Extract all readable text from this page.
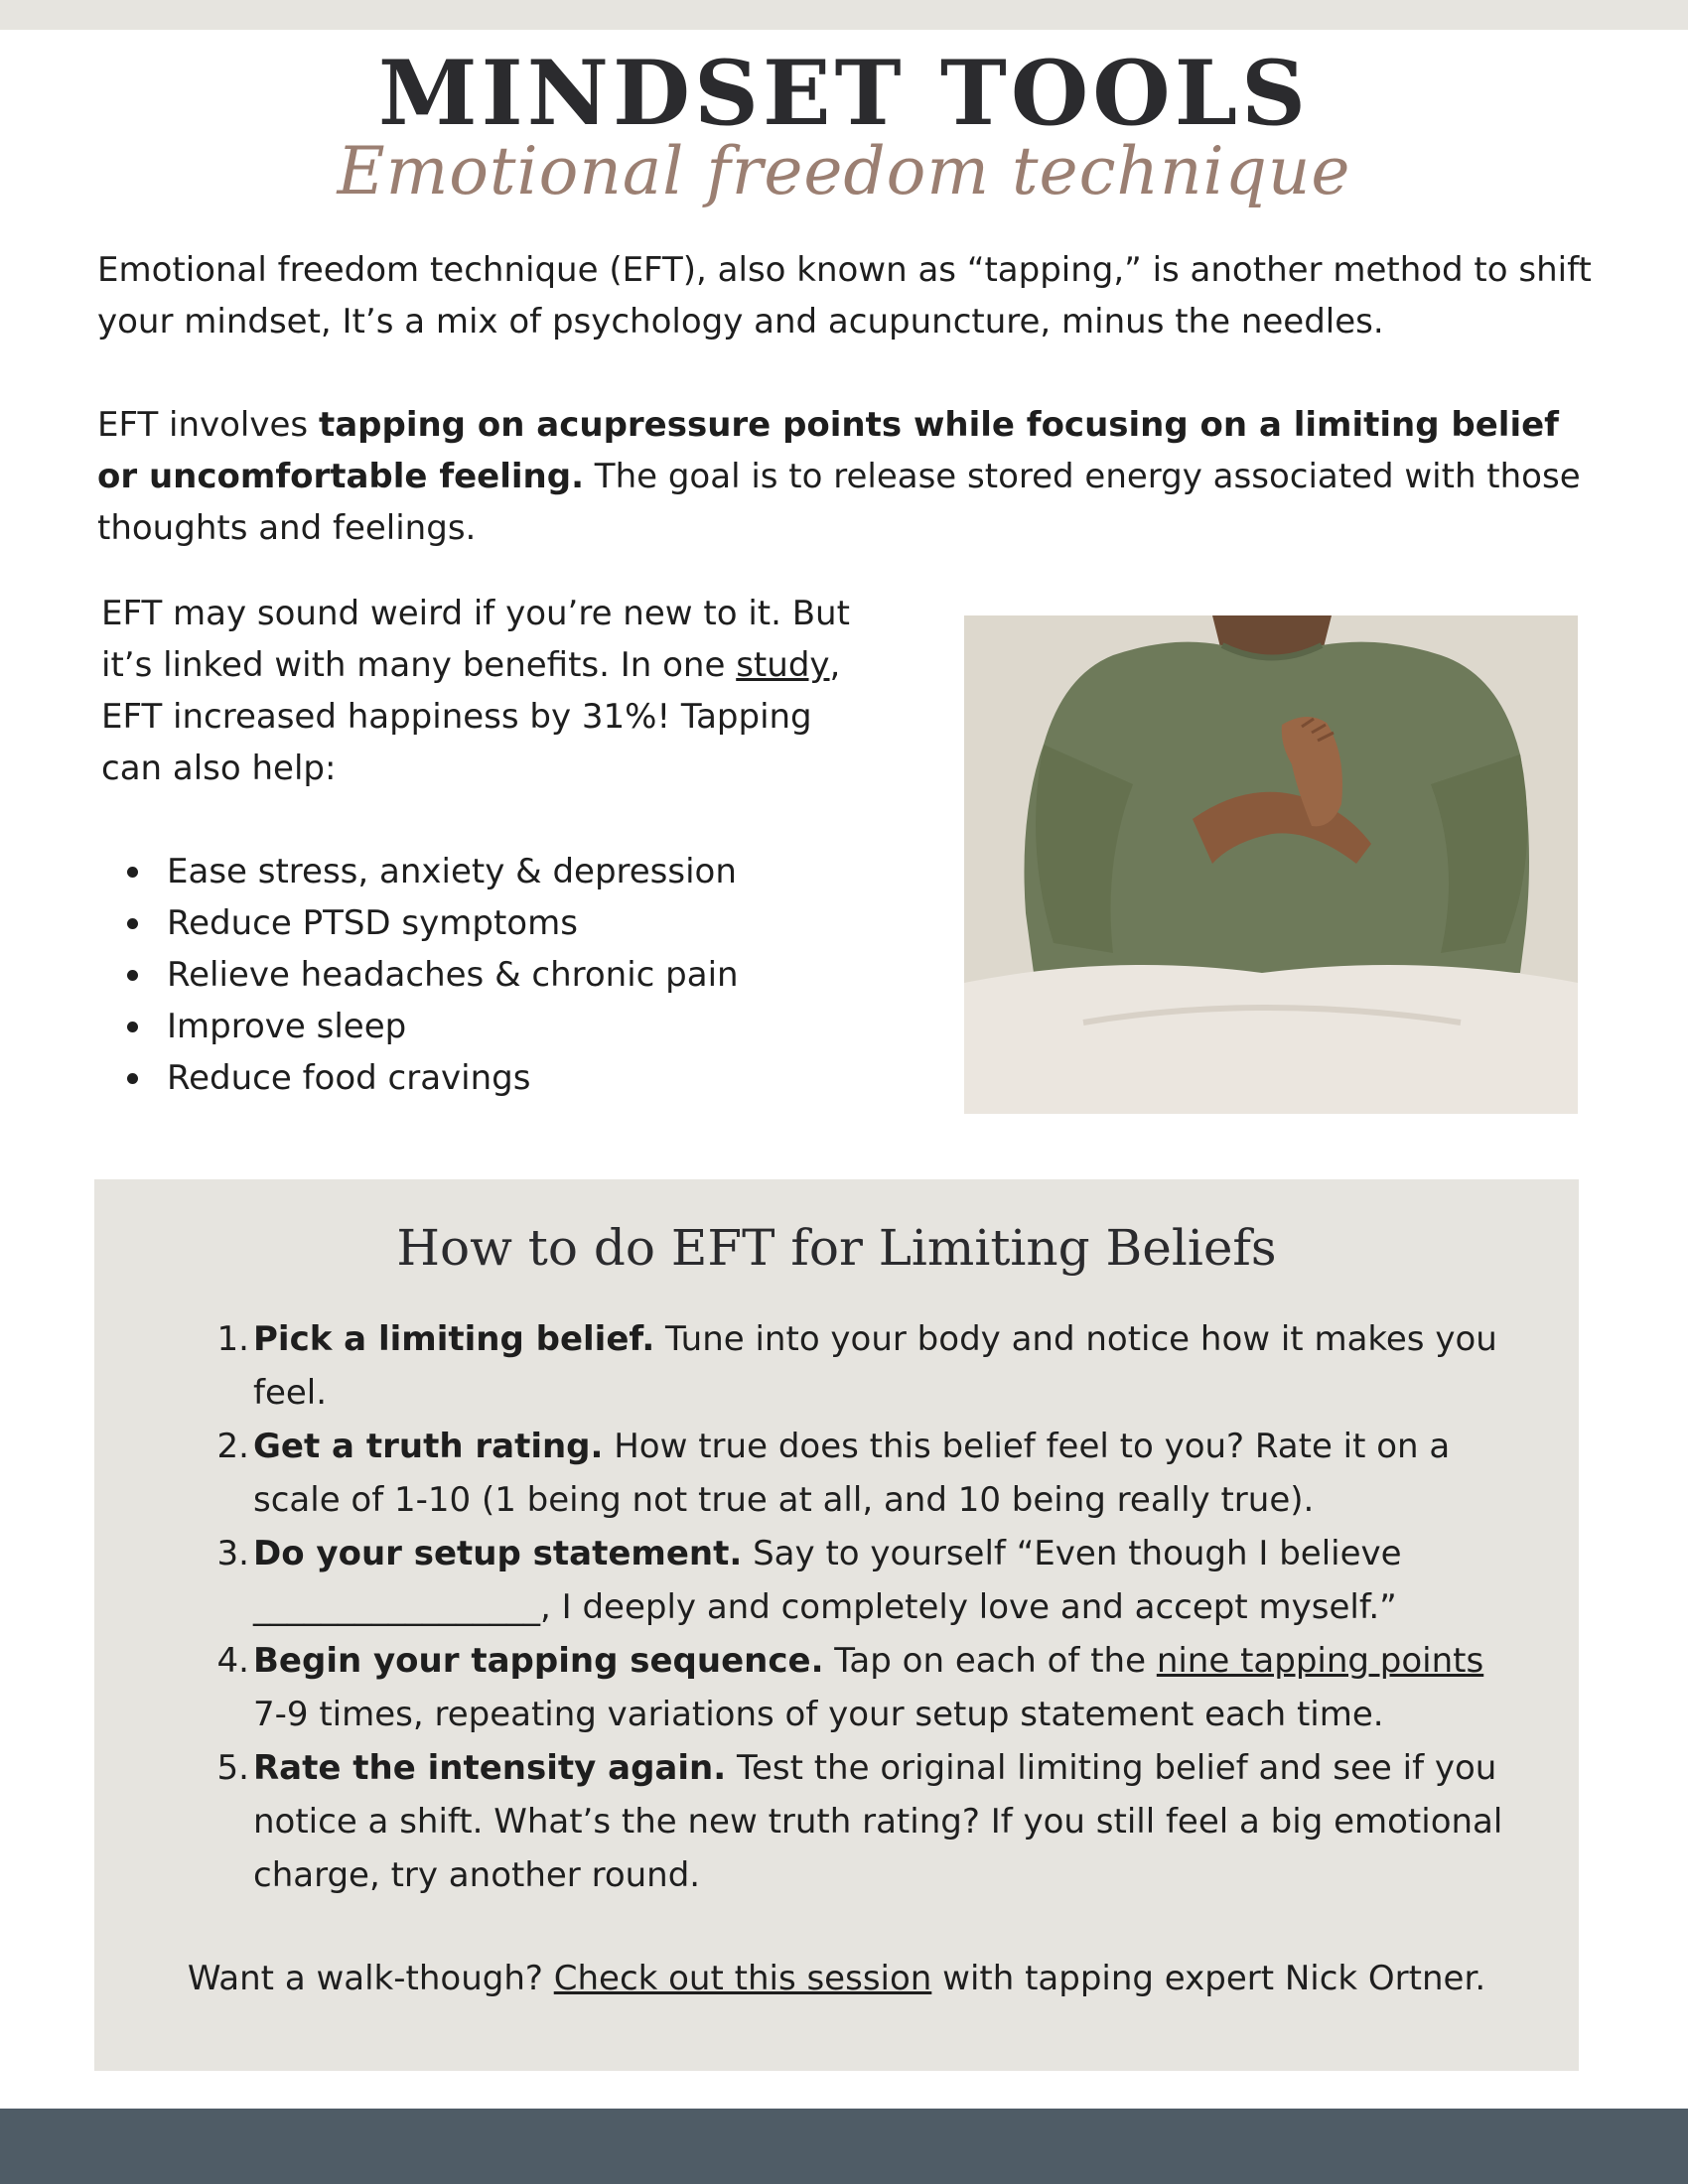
MINDSET TOOLS
Emotional freedom technique

Emotional freedom technique (EFT), also known as “tapping,” is another method to shift your mindset, It’s a mix of psychology and acupuncture, minus the needles.

EFT involves tapping on acupressure points while focusing on a limiting belief or uncomfortable feeling. The goal is to release stored energy associated with those thoughts and feelings.

EFT may sound weird if you’re new to it. But it’s linked with many benefits. In one study, EFT increased happiness by 31%! Tapping can also help:

Ease stress, anxiety & depression
Reduce PTSD symptoms
Relieve headaches & chronic pain
Improve sleep
Reduce food cravings
How to do EFT for Limiting Beliefs
1. Pick a limiting belief. Tune into your body and notice how it makes you feel.
2. Get a truth rating. How true does this belief feel to you? Rate it on a scale of 1-10 (1 being not true at all, and 10 being really true).
3. Do your setup statement. Say to yourself “Even though I believe _________________, I deeply and completely love and accept myself.”
4. Begin your tapping sequence. Tap on each of the nine tapping points 7-9 times, repeating variations of your setup statement each time.
5. Rate the intensity again. Test the original limiting belief and see if you notice a shift. What’s the new truth rating? If you still feel a big emotional charge, try another round.
Want a walk-though? Check out this session with tapping expert Nick Ortner.
